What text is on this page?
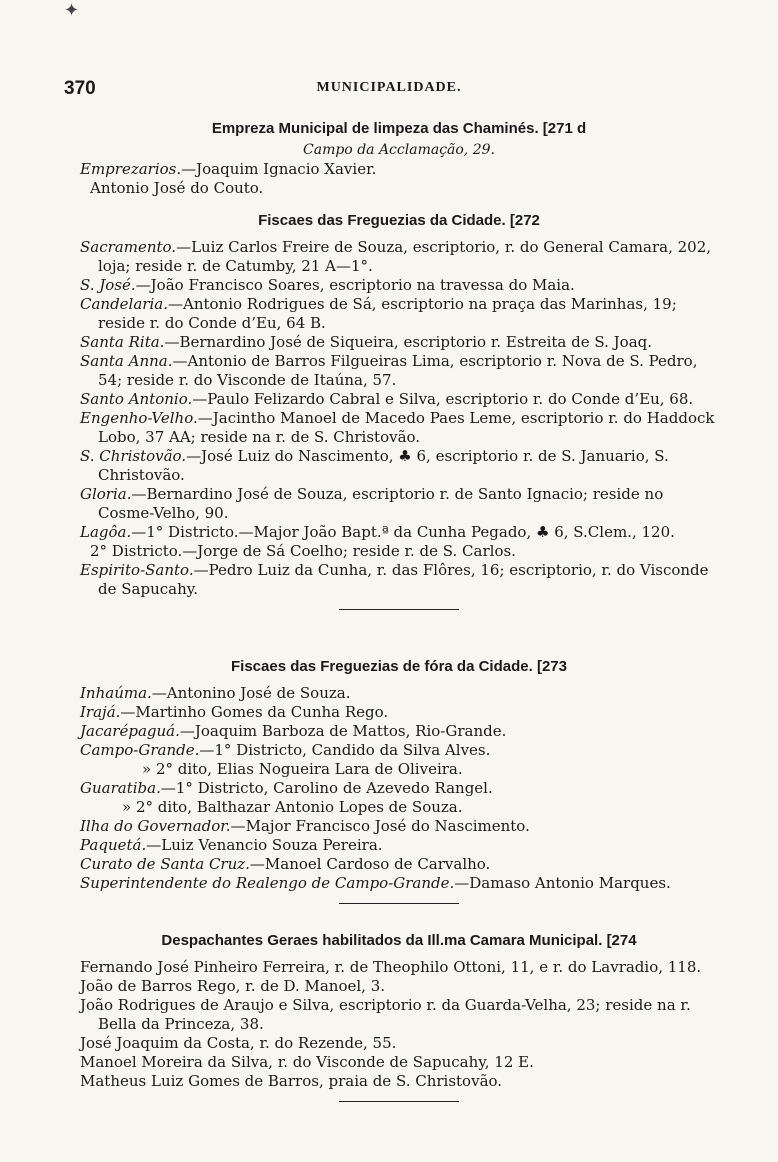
✦
370	MUNICIPALIDADE.
Empreza Municipal de limpeza das Chaminés. [271 d
Campo da Acclamação, 29.

Emprezarios.—Joaquim Ignacio Xavier.

Antonio José do Couto.

Fiscaes das Freguezias da Cidade. [272

Sacramento.—Luiz Carlos Freire de Souza, escriptorio, r. do General Camara, 202, loja; reside r. de Catumby, 21 A—1°.

S. José.—João Francisco Soares, escriptorio na travessa do Maia.

Candelaria.—Antonio Rodrigues de Sá, escriptorio na praça das Marinhas, 19; reside r. do Conde d’Eu, 64 B.

Santa Rita.—Bernardino José de Siqueira, escriptorio r. Estreita de S. Joaq.

Santa Anna.—Antonio de Barros Filgueiras Lima, escriptorio r. Nova de S. Pedro, 54; reside r. do Visconde de Itaúna, 57.

Santo Antonio.—Paulo Felizardo Cabral e Silva, escriptorio r. do Conde d’Eu, 68.

Engenho-Velho.—Jacintho Manoel de Macedo Paes Leme, escriptorio r. do Haddock Lobo, 37 AA; reside na r. de S. Christovão.

S. Christovão.—José Luiz do Nascimento, ♣ 6, escriptorio r. de S. Januario, S. Christovão.

Gloria.—Bernardino José de Souza, escriptorio r. de Santo Ignacio; reside no Cosme-Velho, 90.

Lagôa.—1° Districto.—Major João Bapt.ª da Cunha Pegado, ♣ 6, S.Clem., 120.

2° Districto.—Jorge de Sá Coelho; reside r. de S. Carlos.

Espirito-Santo.—Pedro Luiz da Cunha, r. das Flôres, 16; escriptorio, r. do Visconde de Sapucahy.

Fiscaes das Freguezias de fóra da Cidade. [273

Inhaúma.—Antonino José de Souza.

Irajá.—Martinho Gomes da Cunha Rego.

Jacarépaguá.—Joaquim Barboza de Mattos, Rio-Grande.

Campo-Grande.—1° Districto, Candido da Silva Alves.

» 2° dito, Elias Nogueira Lara de Oliveira.

Guaratiba.—1° Districto, Carolino de Azevedo Rangel.

» 2° dito, Balthazar Antonio Lopes de Souza.

Ilha do Governador.—Major Francisco José do Nascimento.

Paquetá.—Luiz Venancio Souza Pereira.

Curato de Santa Cruz.—Manoel Cardoso de Carvalho.

Superintendente do Realengo de Campo-Grande.—Damaso Antonio Marques.

Despachantes Geraes habilitados da Ill.ma Camara Municipal. [274

Fernando José Pinheiro Ferreira, r. de Theophilo Ottoni, 11, e r. do Lavradio, 118.

João de Barros Rego, r. de D. Manoel, 3.

João Rodrigues de Araujo e Silva, escriptorio r. da Guarda-Velha, 23; reside na r. Bella da Princeza, 38.

José Joaquim da Costa, r. do Rezende, 55.

Manoel Moreira da Silva, r. do Visconde de Sapucahy, 12 E.

Matheus Luiz Gomes de Barros, praia de S. Christovão.
